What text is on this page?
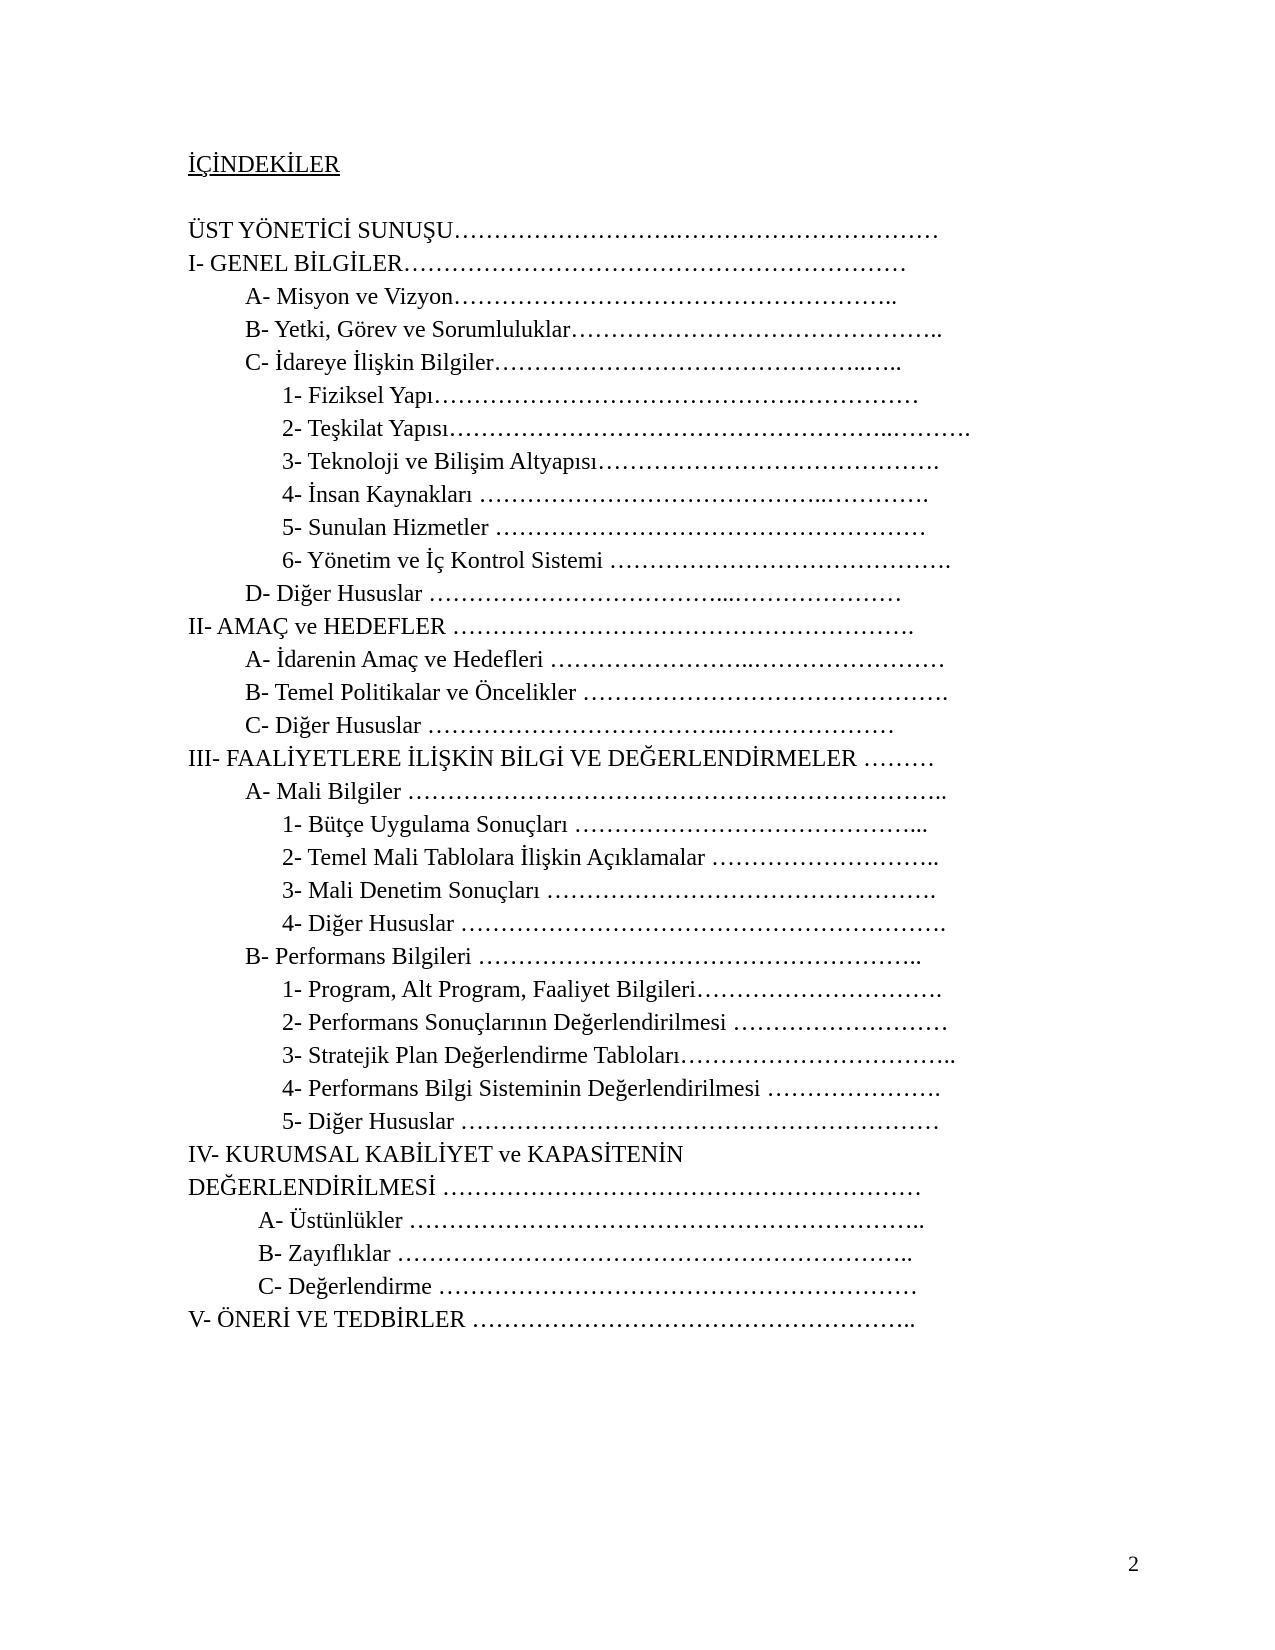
İÇİNDEKİLER
ÜST YÖNETİCİ SUNUŞU……………………….……………………………
I- GENEL BİLGİLER………………………………………………………
A- Misyon ve Vizyon………………………………………………..
B- Yetki, Görev ve Sorumluluklar………………………………………..
C- İdareye İlişkin Bilgiler………………………………………..…..
1- Fiziksel Yapı……………………………………….……………
2- Teşkilat Yapısı………………………………………………..……….
3- Teknoloji ve Bilişim Altyapısı…………………………………….
4- İnsan Kaynakları ……………………………………..………….
5- Sunulan Hizmetler ………………………………………………
6- Yönetim ve İç Kontrol Sistemi …………………………………….
D- Diğer Hususlar ………………………………...…………………
II- AMAÇ ve HEDEFLER ………………………………………………….
A- İdarenin Amaç ve Hedefleri ……………………..……………………
B- Temel Politikalar ve Öncelikler ……………………………………….
C- Diğer Hususlar ………………………………..…………………
III- FAALİYETLERE İLİŞKİN BİLGİ VE DEĞERLENDİRMELER ………
A- Mali Bilgiler …………………………………………………………..
1- Bütçe Uygulama Sonuçları ……………………………………...
2- Temel Mali Tablolara İlişkin Açıklamalar ………………………..
3- Mali Denetim Sonuçları ………………………………………….
4- Diğer Hususlar …………………………………………………….
B- Performans Bilgileri ………………………………………………..
1- Program, Alt Program, Faaliyet Bilgileri………………………….
2- Performans Sonuçlarının Değerlendirilmesi ………………………
3- Stratejik Plan Değerlendirme Tabloları……………………………..
4- Performans Bilgi Sisteminin Değerlendirilmesi ………………….
5- Diğer Hususlar ……………………………………………………
IV- KURUMSAL KABİLİYET ve KAPASİTENİN
DEĞERLENDİRİLMESİ ……………………………………………………
A- Üstünlükler ………………………………………………………..
B- Zayıflıklar ………………………………………………………..
C- Değerlendirme ……………………………………………………
V- ÖNERİ VE TEDBİRLER ………………………………………………..
2
